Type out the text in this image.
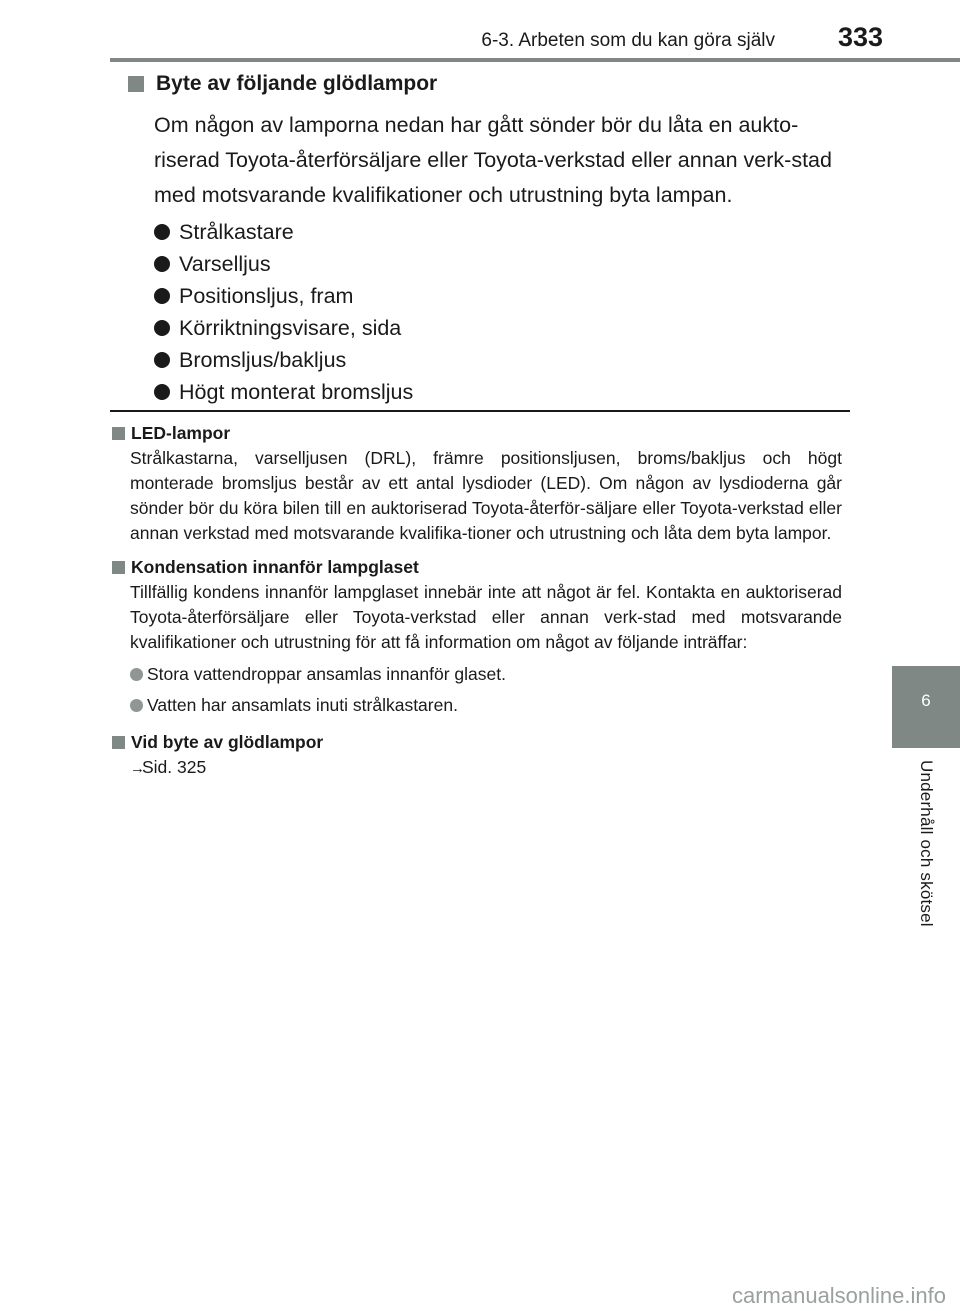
6-3. Arbeten som du kan göra själv 333
6
Underhåll och skötsel
Byte av följande glödlampor

Om någon av lamporna nedan har gått sönder bör du låta en aukto-riserad Toyota-återförsäljare eller Toyota-verkstad eller annan verk-stad med motsvarande kvalifikationer och utrustning byta lampan.

Strålkastare
Varselljus
Positionsljus, fram
Körriktningsvisare, sida
Bromsljus/bakljus
Högt monterat bromsljus
LED-lampor

Strålkastarna, varselljusen (DRL), främre positionsljusen, broms/bakljus och högt monterade bromsljus består av ett antal lysdioder (LED). Om någon av lysdioderna går sönder bör du köra bilen till en auktoriserad Toyota-återför-säljare eller Toyota-verkstad eller annan verkstad med motsvarande kvalifika-tioner och utrustning och låta dem byta lampor.

Kondensation innanför lampglaset

Tillfällig kondens innanför lampglaset innebär inte att något är fel. Kontakta en auktoriserad Toyota-återförsäljare eller Toyota-verkstad eller annan verk-stad med motsvarande kvalifikationer och utrustning för att få information om något av följande inträffar:

Stora vattendroppar ansamlas innanför glaset.
Vatten har ansamlats inuti strålkastaren.
Vid byte av glödlampor

→Sid. 325

carmanualsonline.info
